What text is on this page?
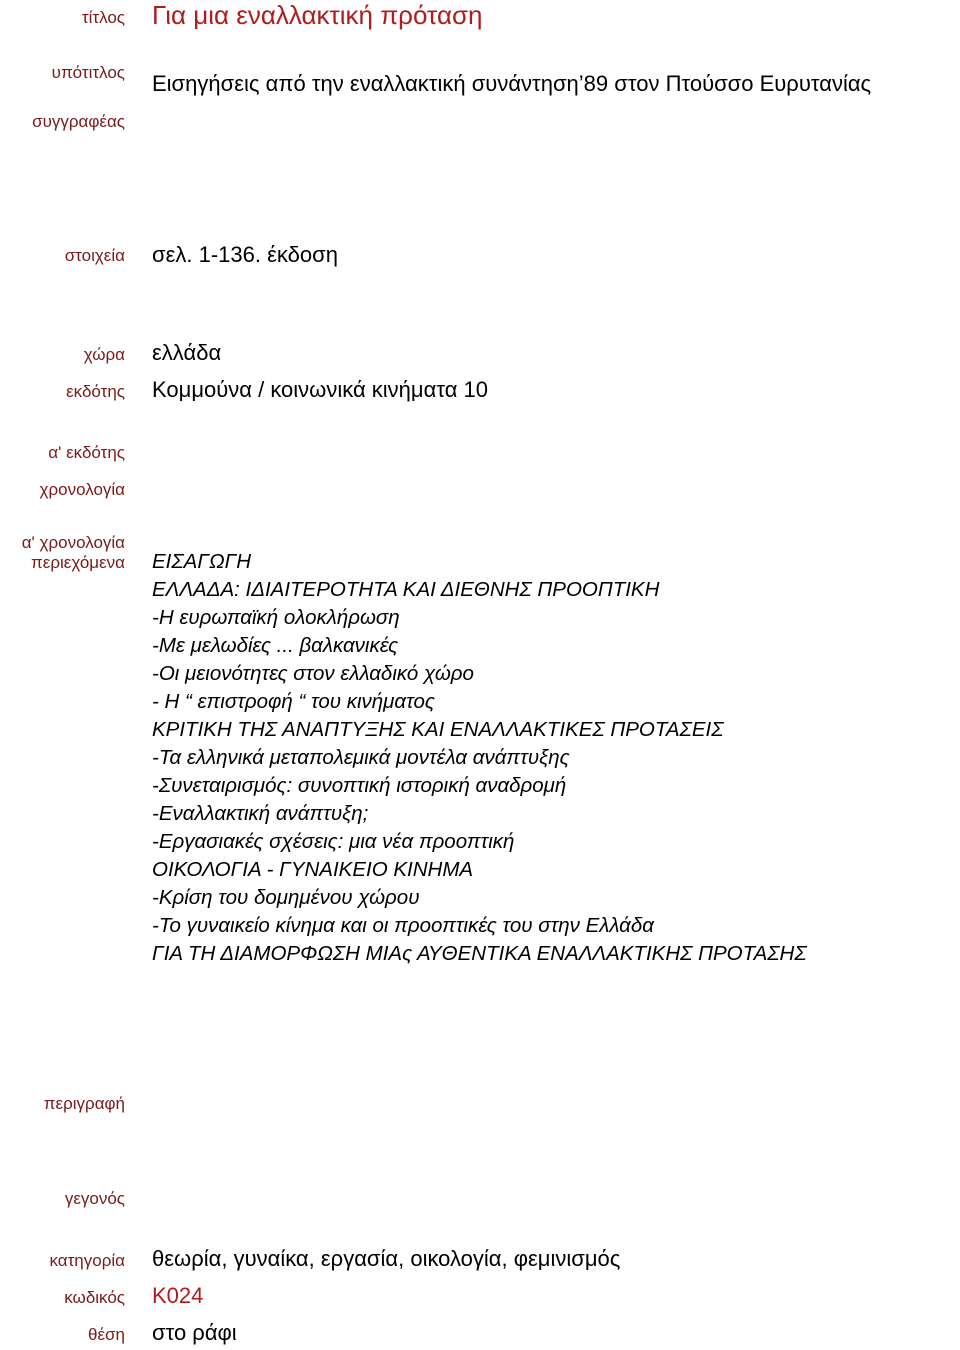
τίτλος
υπότιτλος
συγγραφέας
στοιχεία
χώρα
εκδότης
α' εκδότης
χρονολογία
α' χρονολογία
περιεχόμενα
περιγραφή
γεγονός
κατηγορία
κωδικός
θέση
Για μια εναλλακτική πρόταση
Εισηγήσεις από την εναλλακτική συνάντηση’89 στον Πτούσσο Ευρυτανίας
σελ. 1-136. έκδοση
ελλάδα
Κομμούνα / κοινωνικά κινήματα 10
ΕΙΣΑΓΩΓΗ
ΕΛΛΑΔΑ: ΙΔΙΑΙΤΕΡΟΤΗΤΑ ΚΑΙ ΔΙΕΘΝΗΣ ΠΡΟΟΠΤΙΚΗ
-Η ευρωπαϊκή ολοκλήρωση
-Με μελωδίες ... βαλκανικές
-Οι μειονότητες στον ελλαδικό χώρο
- Η “ επιστροφή “ του κινήματος
ΚΡΙΤΙΚΗ ΤΗΣ ΑΝΑΠΤΥΞΗΣ ΚΑΙ ΕΝΑΛΛΑΚΤΙΚΕΣ ΠΡΟΤΑΣΕΙΣ
-Τα ελληνικά μεταπολεμικά μοντέλα ανάπτυξης
-Συνεταιρισμός: συνοπτική ιστορική αναδρομή
-Εναλλακτική ανάπτυξη;
-Εργασιακές σχέσεις: μια νέα προοπτική
ΟΙΚΟΛΟΓΙΑ - ΓΥΝΑΙΚΕΙΟ ΚΙΝΗΜΑ
-Κρίση του δομημένου χώρου
-Το γυναικείο κίνημα και οι προοπτικές του στην Ελλάδα
ΓΙΑ ΤΗ ΔΙΑΜΟΡΦΩΣΗ ΜΙΑς ΑΥΘΕΝΤΙΚΑ ΕΝΑΛΛΑΚΤΙΚΗΣ ΠΡΟΤΑΣΗΣ
θεωρία, γυναίκα, εργασία, οικολογία, φεμινισμός
Κ024
στο ράφι
